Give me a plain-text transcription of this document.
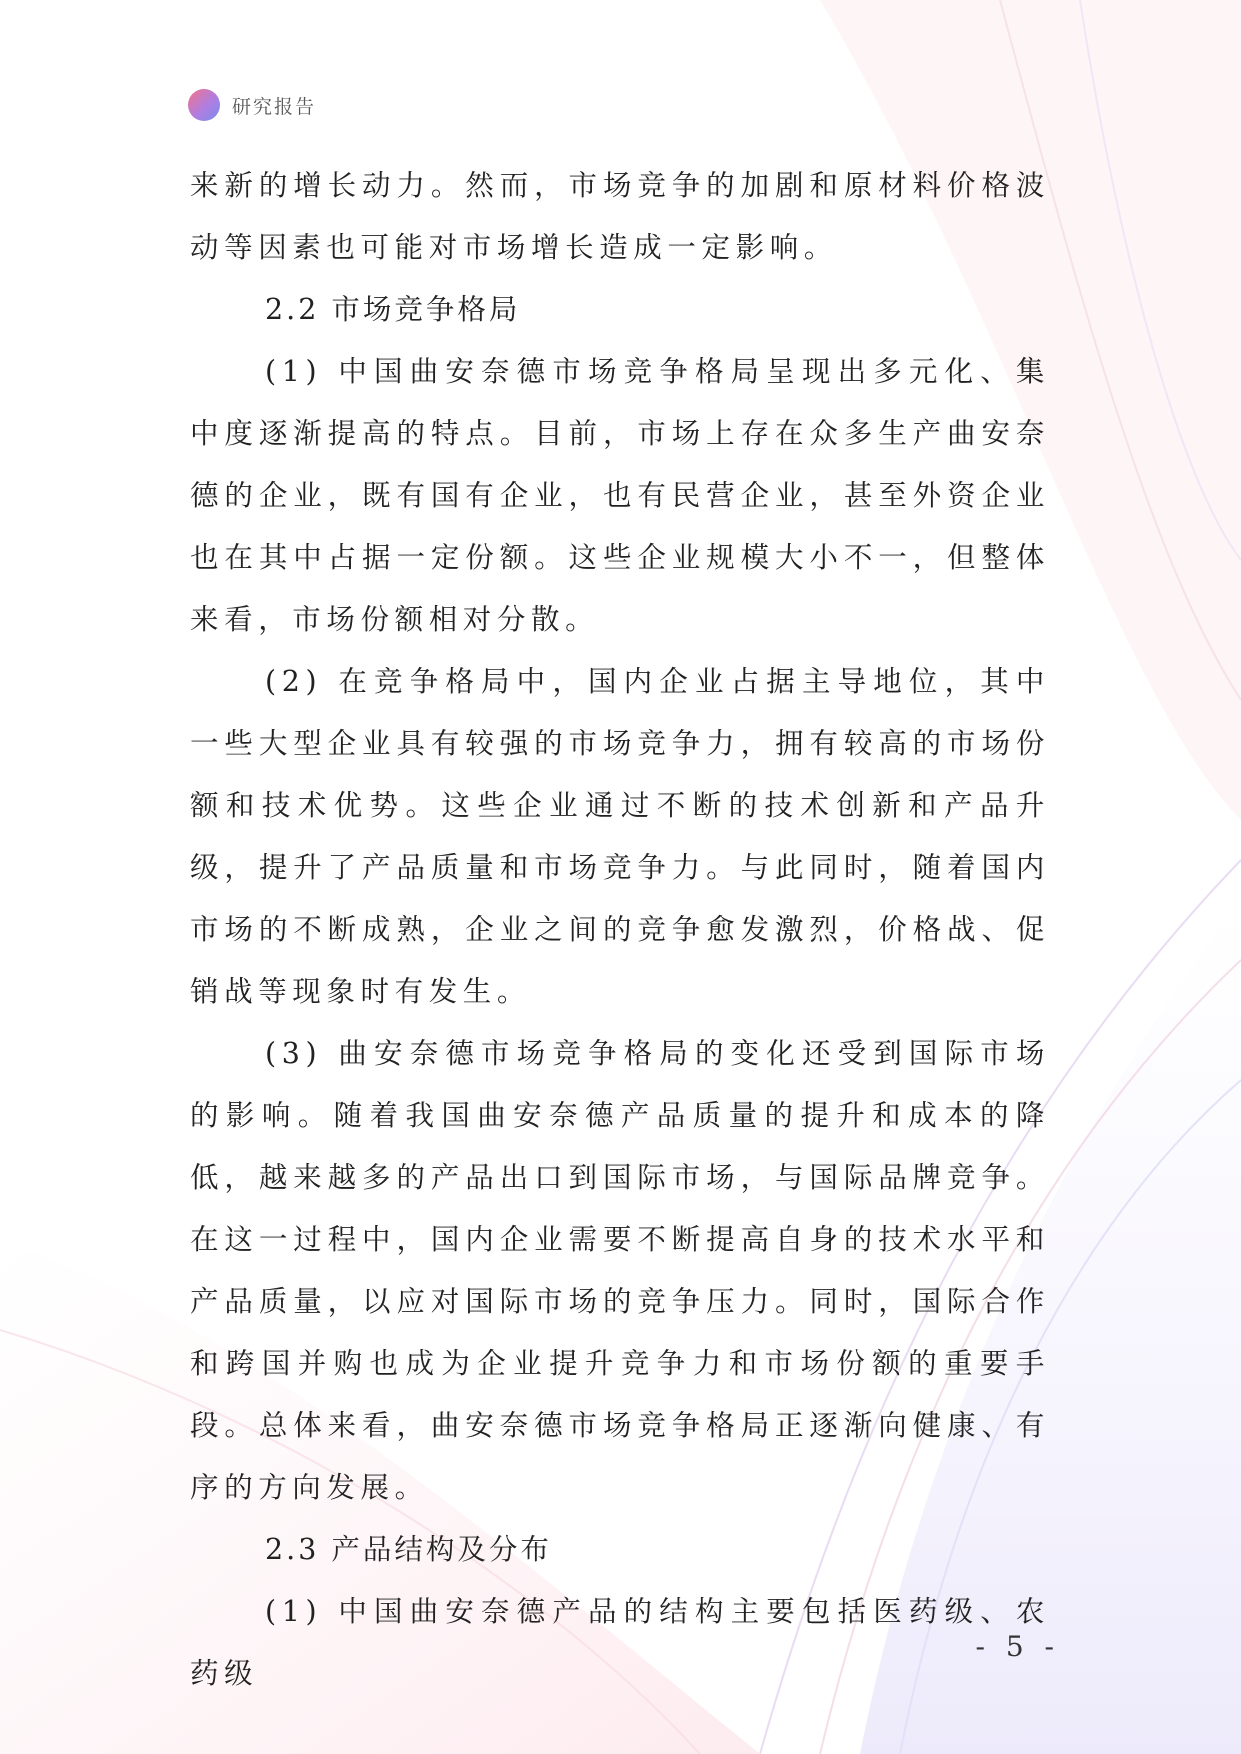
研究报告

来新的增长动力。然而，市场竞争的加剧和原材料价格波动等因素也可能对市场增长造成一定影响。

2.2 市场竞争格局

(1) 中国曲安奈德市场竞争格局呈现出多元化、集中度逐渐提高的特点。目前，市场上存在众多生产曲安奈德的企业，既有国有企业，也有民营企业，甚至外资企业也在其中占据一定份额。这些企业规模大小不一，但整体来看，市场份额相对分散。

(2) 在竞争格局中，国内企业占据主导地位，其中一些大型企业具有较强的市场竞争力，拥有较高的市场份额和技术优势。这些企业通过不断的技术创新和产品升级，提升了产品质量和市场竞争力。与此同时，随着国内市场的不断成熟，企业之间的竞争愈发激烈，价格战、促销战等现象时有发生。

(3) 曲安奈德市场竞争格局的变化还受到国际市场的影响。随着我国曲安奈德产品质量的提升和成本的降低，越来越多的产品出口到国际市场，与国际品牌竞争。在这一过程中，国内企业需要不断提高自身的技术水平和产品质量，以应对国际市场的竞争压力。同时，国际合作和跨国并购也成为企业提升竞争力和市场份额的重要手段。总体来看，曲安奈德市场竞争格局正逐渐向健康、有序的方向发展。

2.3 产品结构及分布

(1) 中国曲安奈德产品的结构主要包括医药级、农药级

- 5 -
